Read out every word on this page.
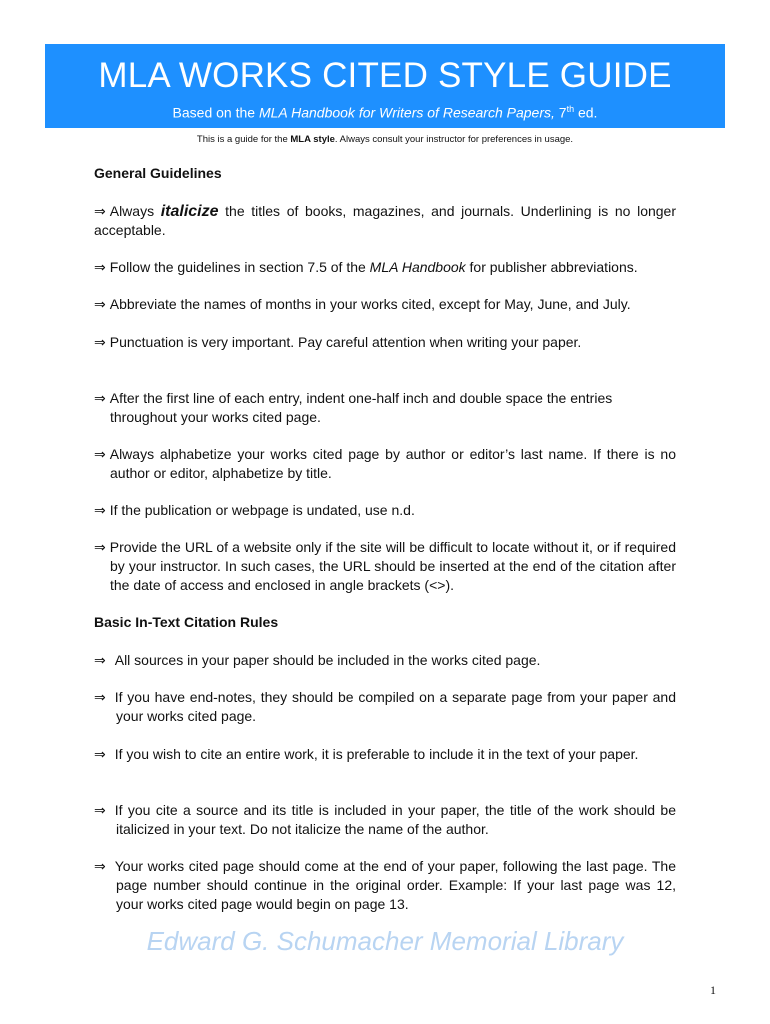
MLA WORKS CITED STYLE GUIDE
Based on the MLA Handbook for Writers of Research Papers, 7th ed.
This is a guide for the MLA style. Always consult your instructor for preferences in usage.
General Guidelines
⇒ Always italicize the titles of books, magazines, and journals. Underlining is no longer acceptable.
⇒ Follow the guidelines in section 7.5 of the MLA Handbook for publisher abbreviations.
⇒ Abbreviate the names of months in your works cited, except for May, June, and July.
⇒ Punctuation is very important. Pay careful attention when writing your paper.
⇒ After the first line of each entry, indent one-half inch and double space the entries throughout your works cited page.
⇒ Always alphabetize your works cited page by author or editor’s last name. If there is no author or editor, alphabetize by title.
⇒ If the publication or webpage is undated, use n.d.
⇒ Provide the URL of a website only if the site will be difficult to locate without it, or if required by your instructor. In such cases, the URL should be inserted at the end of the citation after the date of access and enclosed in angle brackets (<>).
Basic In-Text Citation Rules
⇒ All sources in your paper should be included in the works cited page.
⇒ If you have end-notes, they should be compiled on a separate page from your paper and your works cited page.
⇒ If you wish to cite an entire work, it is preferable to include it in the text of your paper.
⇒ If you cite a source and its title is included in your paper, the title of the work should be italicized in your text. Do not italicize the name of the author.
⇒ Your works cited page should come at the end of your paper, following the last page. The page number should continue in the original order. Example: If your last page was 12, your works cited page would begin on page 13.
Edward G. Schumacher Memorial Library
1
